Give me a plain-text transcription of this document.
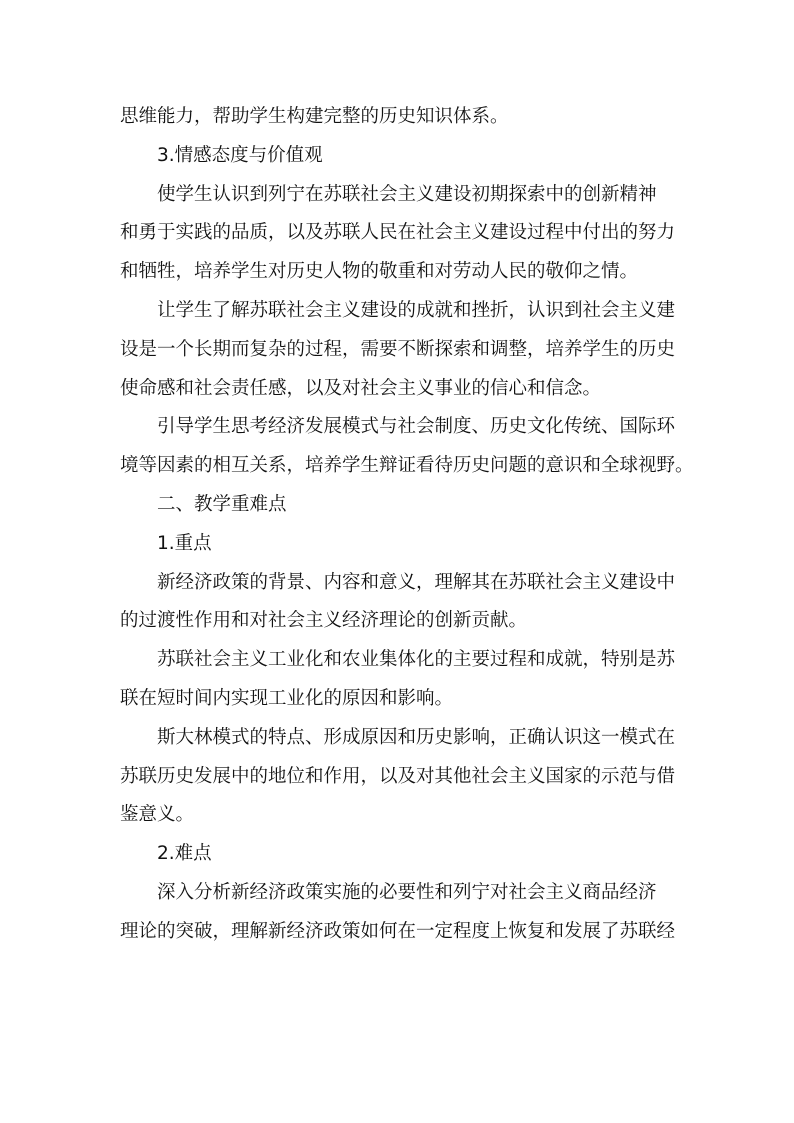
思维能力，帮助学生构建完整的历史知识体系。

3.情感态度与价值观

使学生认识到列宁在苏联社会主义建设初期探索中的创新精神

和勇于实践的品质，以及苏联人民在社会主义建设过程中付出的努力

和牺牲，培养学生对历史人物的敬重和对劳动人民的敬仰之情。

让学生了解苏联社会主义建设的成就和挫折，认识到社会主义建

设是一个长期而复杂的过程，需要不断探索和调整，培养学生的历史

使命感和社会责任感，以及对社会主义事业的信心和信念。

引导学生思考经济发展模式与社会制度、历史文化传统、国际环

境等因素的相互关系，培养学生辩证看待历史问题的意识和全球视野。

二、教学重难点

1.重点

新经济政策的背景、内容和意义，理解其在苏联社会主义建设中

的过渡性作用和对社会主义经济理论的创新贡献。

苏联社会主义工业化和农业集体化的主要过程和成就，特别是苏

联在短时间内实现工业化的原因和影响。

斯大林模式的特点、形成原因和历史影响，正确认识这一模式在

苏联历史发展中的地位和作用，以及对其他社会主义国家的示范与借

鉴意义。

2.难点

深入分析新经济政策实施的必要性和列宁对社会主义商品经济

理论的突破，理解新经济政策如何在一定程度上恢复和发展了苏联经
